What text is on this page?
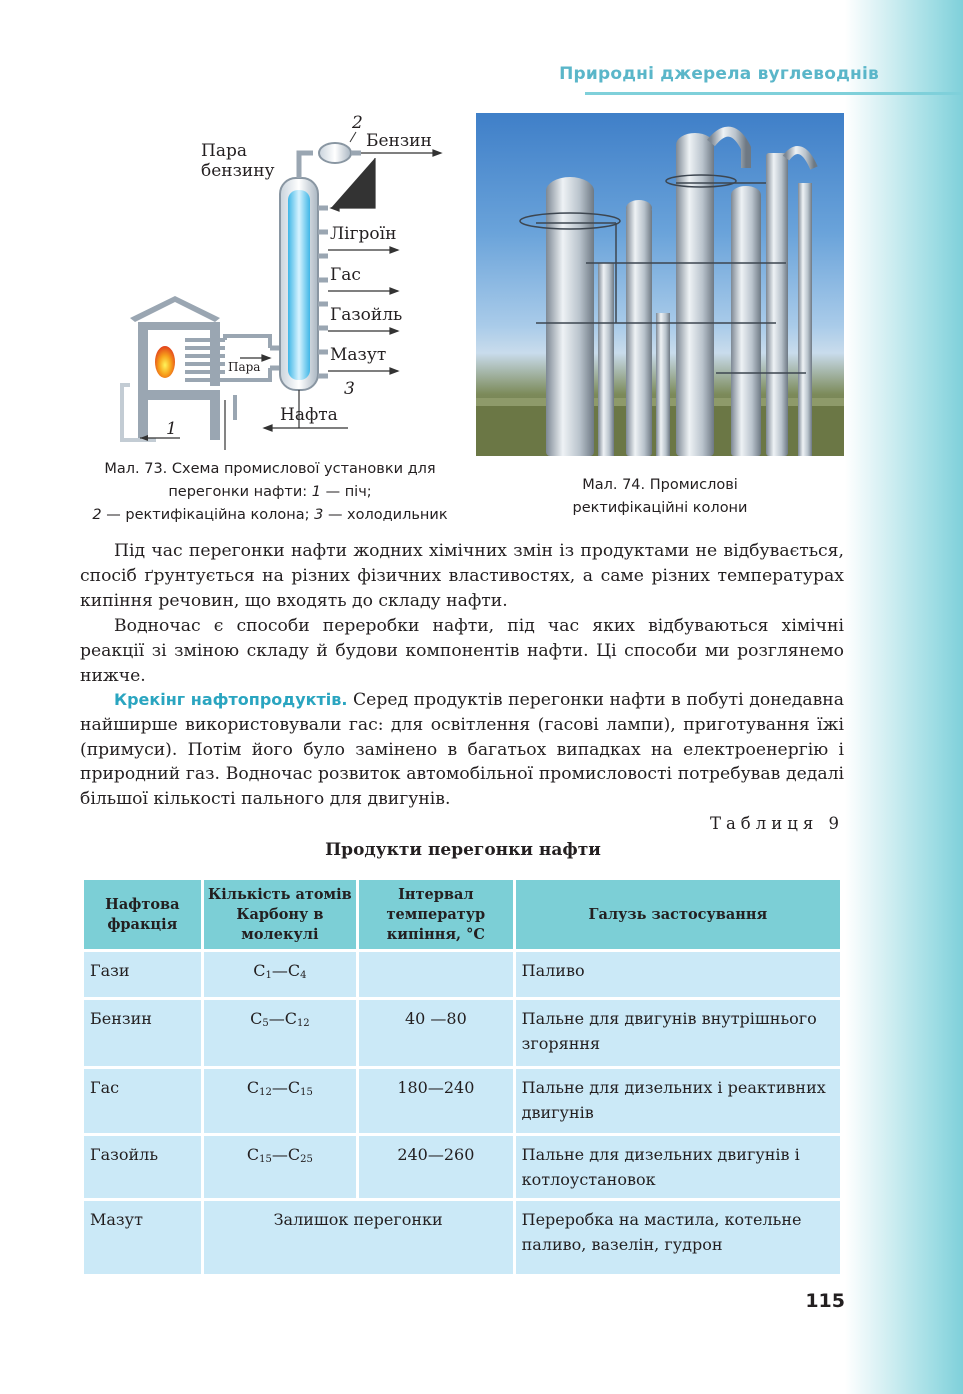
Природні джерела вуглеводнів
Пара
бензину
2
Бензин
Лігроїн
Гас
Газойль
Мазут
3
Пара
Нафта
1
Мал. 73. Схема промислової установки для
перегонки нафти: 1 — піч;
2 — ректифікаційна колона; 3 — холодильник
Мал. 74. Промислові
ректифікаційні колони
Під час перегонки нафти жодних хімічних змін із продуктами не відбувається, спосіб ґрунтується на різних фізичних властивостях, а саме різних температурах кипіння речовин, що входять до складу нафти.
Водночас є способи переробки нафти, під час яких відбуваються хімічні реакції зі зміною складу й будови компонентів нафти. Ці способи ми розглянемо нижче.
Крекінг нафтопродуктів. Серед продуктів перегонки нафти в побуті донедавна найширше використовували гас: для освітлення (гасові лампи), приготування їжі (примуси). Потім його було замінено в багатьох випадках на електроенергію і природний газ. Водночас розвиток автомобільної промисловості потребував дедалі більшої кількості пального для двигунів.
Таблиця 9
Продукти перегонки нафти
Нафтова фракція	Кількість атомів Карбону в молекулі	Інтервал температур кипіння, °C	Галузь застосування
Гази	$C_1—C_4$		Паливо
Бензин	$C_5—C_{12}$	40 —80	Пальне для двигунів внутрішнього згоряння
Гас	$C_{12}—C_{15}$	180—240	Пальне для дизельних і реактивних двигунів
Газойль	$C_{15}—C_{25}$	240—260	Пальне для дизельних двигунів і котлоустановок
Мазут	Залишок перегонки		Переробка на мастила, котельне паливо, вазелін, гудрон
115
